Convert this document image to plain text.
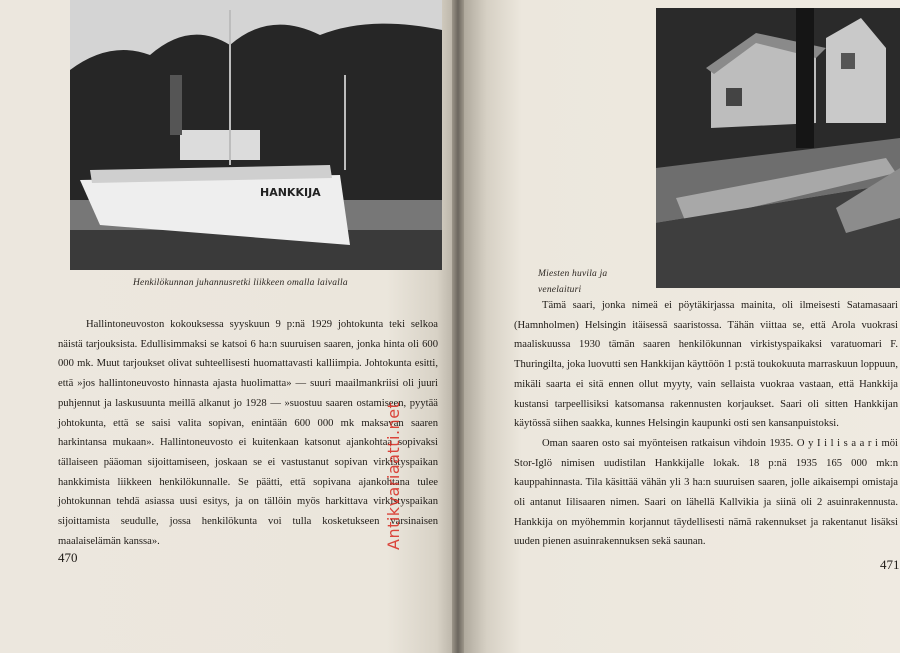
HANKKIJA
Henkilökunnan juhannusretki liikkeen omalla laivalla

Hallintoneuvoston kokouksessa syyskuun 9 p:nä 1929 johtokunta teki selkoa näistä tarjouksista. Edullisimmaksi se katsoi 6 ha:n suuruisen saaren, jonka hinta oli 600 000 mk. Muut tarjoukset olivat suhteellisesti huomattavasti kalliimpia. Johtokunta esitti, että »jos hallintoneuvosto hinnasta ajasta huolimatta» — suuri maailmankriisi oli juuri puhjennut ja laskusuunta meillä alkanut jo 1928 — »suostuu saaren ostamiseen, pyytää johtokunta, että se saisi valita sopivan, enintään 600 000 mk maksavan saaren harkintansa mukaan». Hallintoneuvosto ei kuitenkaan katsonut ajankohtaa sopivaksi tällaiseen pääoman sijoittamiseen, joskaan se ei vastustanut sopivan virkistyspaikan hankkimista liikkeen henkilökunnalle. Se päätti, että sopivana ajankohtana tulee johtokunnan tehdä asiassa uusi esitys, ja on tällöin myös harkittava virkistyspaikan sijoittamista seudulle, jossa henkilökunta voi tulla kosketukseen varsinaisen maalaiselämän kanssa».

470
Miesten huvila ja venelaituri

Tämä saari, jonka nimeä ei pöytäkirjassa mainita, oli ilmeisesti Satamasaari (Hamnholmen) Helsingin itäisessä saaristossa. Tähän viittaa se, että Arola vuokrasi maaliskuussa 1930 tämän saaren henkilökunnan virkistyspaikaksi varatuomari F. Thuringilta, joka luovutti sen Hankkijan käyttöön 1 p:stä toukokuuta marraskuun loppuun, mikäli saarta ei sitä ennen ollut myyty, vain sellaista vuokraa vastaan, että Hankkija kustansi tarpeellisiksi katsomansa rakennusten korjaukset. Saari oli sitten Hankkijan käytössä siihen saakka, kunnes Helsingin kaupunki osti sen kansanpuistoksi.

Oman saaren osto sai myönteisen ratkaisun vihdoin 1935. O y I i l i s a a r i möi Stor-Iglö nimisen uudistilan Hankkijalle lokak. 18 p:nä 1935 165 000 mk:n kauppahinnasta. Tila käsittää vähän yli 3 ha:n suuruisen saaren, jolle aikaisempi omistaja oli antanut Iilisaaren nimen. Saari on lähellä Kallvikia ja siinä oli 2 asuinrakennusta. Hankkija on myöhemmin korjannut täydellisesti nämä rakennukset ja rakentanut lisäksi uuden pienen asuinrakennuksen sekä saunan.

471
Antikvariaatti.net
